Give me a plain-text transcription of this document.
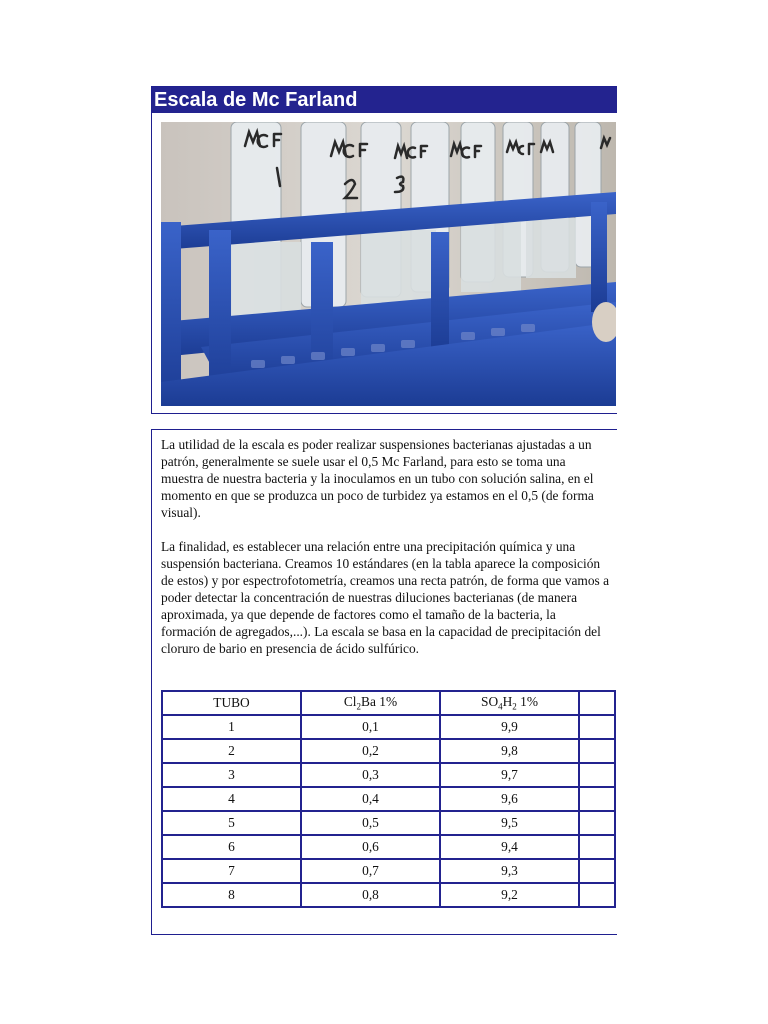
Escala de Mc Farland
La utilidad de la escala es poder realizar suspensiones bacterianas ajustadas a un patrón, generalmente se suele usar el 0,5 Mc Farland, para esto se toma una muestra de nuestra bacteria y la inoculamos en un tubo con solución salina, en el momento en que se produzca un poco de turbidez ya estamos en el 0,5 (de forma visual).
La finalidad, es establecer una relación entre una precipitación química y una suspensión bacteriana. Creamos 10 estándares (en la tabla aparece la composición de estos) y por espectrofotometría, creamos una recta patrón, de forma que vamos a poder detectar la concentración de nuestras diluciones bacterianas (de manera aproximada, ya que depende de factores como el tamaño de la bacteria, la formación de agregados,...). La escala se basa en la capacidad de precipitación del cloruro de bario en presencia de ácido sulfúrico.
TUBO	$Cl_2Ba$ 1%	$SO_4H_2$ 1%	
1	0,1	9,9	
2	0,2	9,8	
3	0,3	9,7	
4	0,4	9,6	
5	0,5	9,5	
6	0,6	9,4	
7	0,7	9,3	
8	0,8	9,2	
